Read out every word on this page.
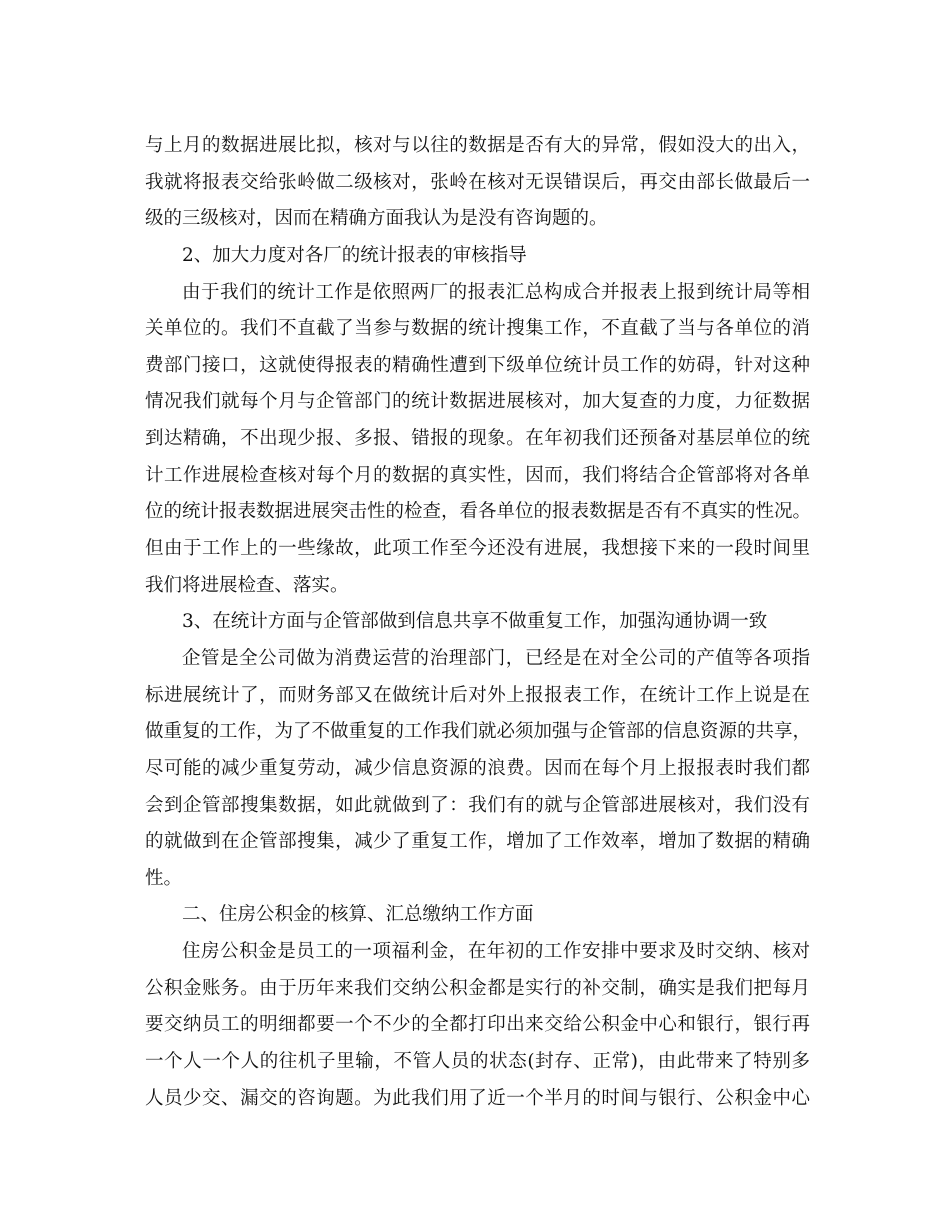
与上月的数据进展比拟，核对与以往的数据是否有大的异常，假如没大的出入，
我就将报表交给张岭做二级核对，张岭在核对无误错误后，再交由部长做最后一
级的三级核对，因而在精确方面我认为是没有咨询题的。
2、加大力度对各厂的统计报表的审核指导
由于我们的统计工作是依照两厂的报表汇总构成合并报表上报到统计局等相
关单位的。我们不直截了当参与数据的统计搜集工作，不直截了当与各单位的消
费部门接口，这就使得报表的精确性遭到下级单位统计员工作的妨碍，针对这种
情况我们就每个月与企管部门的统计数据进展核对，加大复查的力度，力征数据
到达精确，不出现少报、多报、错报的现象。在年初我们还预备对基层单位的统
计工作进展检查核对每个月的数据的真实性，因而，我们将结合企管部将对各单
位的统计报表数据进展突击性的检查，看各单位的报表数据是否有不真实的性况。
但由于工作上的一些缘故，此项工作至今还没有进展，我想接下来的一段时间里
我们将进展检查、落实。
3、在统计方面与企管部做到信息共享不做重复工作，加强沟通协调一致
企管是全公司做为消费运营的治理部门，已经是在对全公司的产值等各项指
标进展统计了，而财务部又在做统计后对外上报报表工作，在统计工作上说是在
做重复的工作，为了不做重复的工作我们就必须加强与企管部的信息资源的共享，
尽可能的减少重复劳动，减少信息资源的浪费。因而在每个月上报报表时我们都
会到企管部搜集数据，如此就做到了：我们有的就与企管部进展核对，我们没有
的就做到在企管部搜集，减少了重复工作，增加了工作效率，增加了数据的精确
性。
二、住房公积金的核算、汇总缴纳工作方面
住房公积金是员工的一项福利金，在年初的工作安排中要求及时交纳、核对
公积金账务。由于历年来我们交纳公积金都是实行的补交制，确实是我们把每月
要交纳员工的明细都要一个不少的全都打印出来交给公积金中心和银行，银行再
一个人一个人的往机子里输，不管人员的状态(封存、正常)，由此带来了特别多
人员少交、漏交的咨询题。为此我们用了近一个半月的时间与银行、公积金中心
